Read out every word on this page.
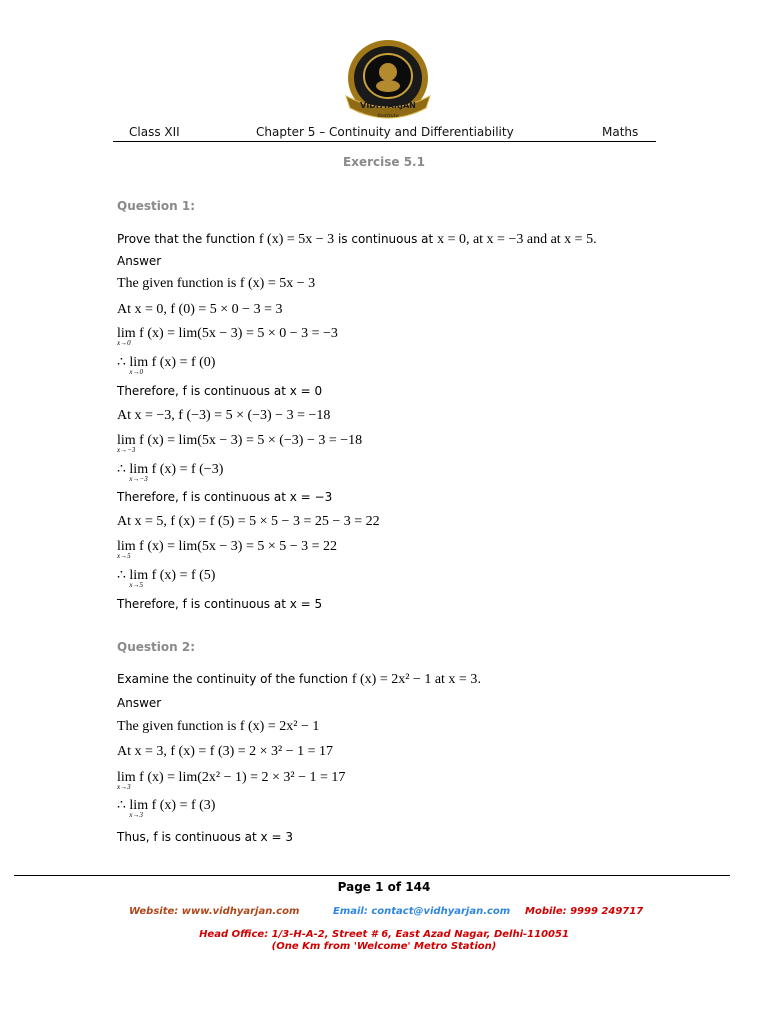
VIDHYARJAN
Institute
Class XII	Chapter 5 – Continuity and Differentiability	Maths
Exercise 5.1
Question 1:
Prove that the function f (x) = 5x − 3 is continuous at x = 0, at x = −3 and at x = 5.
Answer
The given function is f (x) = 5x − 3
At x = 0, f (0) = 5 × 0 − 3 = 3
lim
x→0
f (x) = lim(5x − 3) = 5 × 0 − 3 = −3
∴ lim
x→0
f (x) = f (0)
Therefore, f is continuous at x = 0
At x = −3, f (−3) = 5 × (−3) − 3 = −18
lim
x→−3
f (x) = lim(5x − 3) = 5 × (−3) − 3 = −18
∴ lim
x→−3
f (x) = f (−3)
Therefore, f is continuous at x = −3
At x = 5, f (x) = f (5) = 5 × 5 − 3 = 25 − 3 = 22
lim
x→5
f (x) = lim(5x − 3) = 5 × 5 − 3 = 22
∴ lim
x→5
f (x) = f (5)
Therefore, f is continuous at x = 5
Question 2:
Examine the continuity of the function f (x) = 2x² − 1 at x = 3.
Answer
The given function is f (x) = 2x² − 1
At x = 3, f (x) = f (3) = 2 × 3² − 1 = 17
lim
x→3
f (x) = lim(2x² − 1) = 2 × 3² − 1 = 17
∴ lim
x→3
f (x) = f (3)
Thus, f is continuous at x = 3
Page 1 of 144
Website: www.vidhyarjan.com	Email: contact@vidhyarjan.com Mobile: 9999 249717
Head Office: 1/3-H-A-2, Street # 6, East Azad Nagar, Delhi-110051
(One Km from 'Welcome' Metro Station)
